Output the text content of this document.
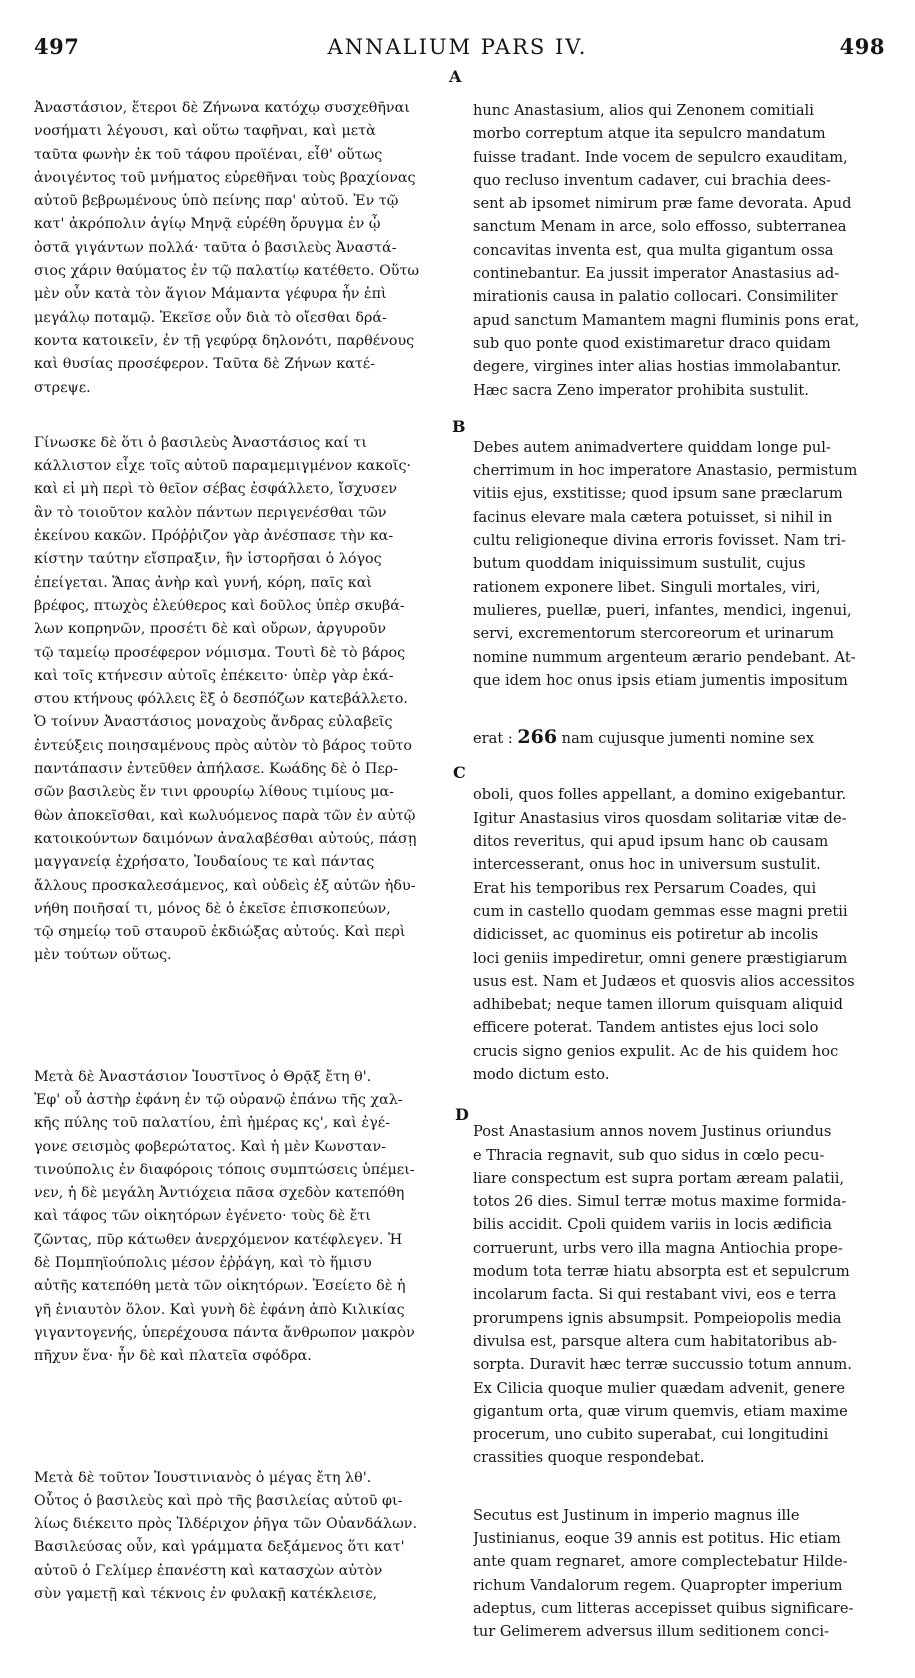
497	ANNALIUM PARS IV.	498
A
B
C
D

Ἀναστάσιον, ἕτεροι δὲ Ζήνωνα κατόχῳ συσχεθῆναι
νοσήματι λέγουσι, καὶ οὕτω ταφῆναι, καὶ μετὰ
ταῦτα φωνὴν ἐκ τοῦ τάφου προϊέναι, εἶθ' οὕτως
ἀνοιγέντος τοῦ μνήματος εὑρεθῆναι τοὺς βραχίονας
αὐτοῦ βεβρωμένους ὑπὸ πείνης παρ' αὐτοῦ. Ἐν τῷ
κατ' ἀκρόπολιν ἁγίῳ Μηνᾷ εὑρέθη ὄρυγμα ἐν ᾧ
ὀστᾶ γιγάντων πολλά· ταῦτα ὁ βασιλεὺς Ἀναστά-
σιος χάριν θαύματος ἐν τῷ παλατίῳ κατέθετο. Οὕτω
μὲν οὖν κατὰ τὸν ἅγιον Μάμαντα γέφυρα ἦν ἐπὶ
μεγάλῳ ποταμῷ. Ἐκεῖσε οὖν διὰ τὸ οἴεσθαι δρά-
κοντα κατοικεῖν, ἐν τῇ γεφύρᾳ δηλονότι, παρθένους
καὶ θυσίας προσέφερον. Ταῦτα δὲ Ζήνων κατέ-
στρεψε.

Γίνωσκε δὲ ὅτι ὁ βασιλεὺς Ἀναστάσιος καί τι
κάλλιστον εἶχε τοῖς αὐτοῦ παραμεμιγμένον κακοῖς·
καὶ εἰ μὴ περὶ τὸ θεῖον σέβας ἐσφάλλετο, ἴσχυσεν
ἂν τὸ τοιοῦτον καλὸν πάντων περιγενέσθαι τῶν
ἐκείνου κακῶν. Πρόῤῥιζον γὰρ ἀνέσπασε τὴν κα-
κίστην ταύτην εἴσπραξιν, ἣν ἱστορῆσαι ὁ λόγος
ἐπείγεται. Ἅπας ἀνὴρ καὶ γυνή, κόρη, παῖς καὶ
βρέφος, πτωχὸς ἐλεύθερος καὶ δοῦλος ὑπὲρ σκυβά-
λων κοπρηνῶν, προσέτι δὲ καὶ οὔρων, ἀργυροῦν
τῷ ταμείῳ προσέφερον νόμισμα. Τουτὶ δὲ τὸ βάρος
καὶ τοῖς κτήνεσιν αὐτοῖς ἐπέκειτο· ὑπὲρ γὰρ ἑκά-
στου κτήνους φόλλεις ἓξ ὁ δεσπόζων κατεβάλλετο.
Ὁ τοίνυν Ἀναστάσιος μοναχοὺς ἄνδρας εὐλαβεῖς
ἐντεύξεις ποιησαμένους πρὸς αὐτὸν τὸ βάρος τοῦτο
παντάπασιν ἐντεῦθεν ἀπήλασε. Κωάδης δὲ ὁ Περ-
σῶν βασιλεὺς ἔν τινι φρουρίῳ λίθους τιμίους μα-
θὼν ἀποκεῖσθαι, καὶ κωλυόμενος παρὰ τῶν ἐν αὐτῷ
κατοικούντων δαιμόνων ἀναλαβέσθαι αὐτούς, πάσῃ
μαγγανείᾳ ἐχρήσατο, Ἰουδαίους τε καὶ πάντας
ἄλλους προσκαλεσάμενος, καὶ οὐδεὶς ἐξ αὐτῶν ἠδυ-
νήθη ποιῆσαί τι, μόνος δὲ ὁ ἐκεῖσε ἐπισκοπεύων,
τῷ σημείῳ τοῦ σταυροῦ ἐκδιώξας αὐτούς. Καὶ περὶ
μὲν τούτων οὕτως.

Μετὰ δὲ Ἀναστάσιον Ἰουστῖνος ὁ Θρᾷξ ἔτη θ'.
Ἐφ' οὗ ἀστὴρ ἐφάνη ἐν τῷ οὐρανῷ ἐπάνω τῆς χαλ-
κῆς πύλης τοῦ παλατίου, ἐπὶ ἡμέρας κς', καὶ ἐγέ-
γονε σεισμὸς φοβερώτατος. Καὶ ἡ μὲν Κωνσταν-
τινούπολις ἐν διαφόροις τόποις συμπτώσεις ὑπέμει-
νεν, ἡ δὲ μεγάλη Ἀντιόχεια πᾶσα σχεδὸν κατεπόθη
καὶ τάφος τῶν οἰκητόρων ἐγένετο· τοὺς δὲ ἔτι
ζῶντας, πῦρ κάτωθεν ἀνερχόμενον κατέφλεγεν. Ἡ
δὲ Πομπηϊούπολις μέσον ἐῤῥάγη, καὶ τὸ ἥμισυ
αὐτῆς κατεπόθη μετὰ τῶν οἰκητόρων. Ἐσείετο δὲ ἡ
γῆ ἐνιαυτὸν ὅλον. Καὶ γυνὴ δὲ ἐφάνη ἀπὸ Κιλικίας
γιγαντογενής, ὑπερέχουσα πάντα ἄνθρωπον μακρὸν
πῆχυν ἕνα· ἦν δὲ καὶ πλατεῖα σφόδρα.

Μετὰ δὲ τοῦτον Ἰουστινιανὸς ὁ μέγας ἔτη λθ'.
Οὗτος ὁ βασιλεὺς καὶ πρὸ τῆς βασιλείας αὐτοῦ φι-
λίως διέκειτο πρὸς Ἰλδέριχον ῥῆγα τῶν Οὐανδάλων.
Βασιλεύσας οὖν, καὶ γράμματα δεξάμενος ὅτι κατ'
αὐτοῦ ὁ Γελίμερ ἐπανέστη καὶ κατασχὼν αὐτὸν
σὺν γαμετῇ καὶ τέκνοις ἐν φυλακῇ κατέκλεισε,

hunc Anastasium, alios qui Zenonem comitiali
morbo correptum atque ita sepulcro mandatum
fuisse tradant. Inde vocem de sepulcro exauditam,
quo recluso inventum cadaver, cui brachia dees-
sent ab ipsomet nimirum præ fame devorata. Apud
sanctum Menam in arce, solo effosso, subterranea
concavitas inventa est, qua multa gigantum ossa
continebantur. Ea jussit imperator Anastasius ad-
mirationis causa in palatio collocari. Consimiliter
apud sanctum Mamantem magni fluminis pons erat,
sub quo ponte quod existimaretur draco quidam
degere, virgines inter alias hostias immolabantur.
Hæc sacra Zeno imperator prohibita sustulit.

Debes autem animadvertere quiddam longe pul-
cherrimum in hoc imperatore Anastasio, permistum
vitiis ejus, exstitisse; quod ipsum sane præclarum
facinus elevare mala cætera potuisset, si nihil in
cultu religioneque divina erroris fovisset. Nam tri-
butum quoddam iniquissimum sustulit, cujus
rationem exponere libet. Singuli mortales, viri,
mulieres, puellæ, pueri, infantes, mendici, ingenui,
servi, excrementorum stercoreorum et urinarum
nomine nummum argenteum ærario pendebant. At-
que idem hoc onus ipsis etiam jumentis impositum

erat : 266 nam cujusque jumenti nomine sex

oboli, quos folles appellant, a domino exigebantur.
Igitur Anastasius viros quosdam solitariæ vitæ de-
ditos reveritus, qui apud ipsum hanc ob causam
intercesserant, onus hoc in universum sustulit.
Erat his temporibus rex Persarum Coades, qui
cum in castello quodam gemmas esse magni pretii
didicisset, ac quominus eis potiretur ab incolis
loci geniis impediretur, omni genere præstigiarum
usus est. Nam et Judæos et quosvis alios accessitos
adhibebat; neque tamen illorum quisquam aliquid
efficere poterat. Tandem antistes ejus loci solo
crucis signo genios expulit. Ac de his quidem hoc
modo dictum esto.

Post Anastasium annos novem Justinus oriundus
e Thracia regnavit, sub quo sidus in cœlo pecu-
liare conspectum est supra portam æream palatii,
totos 26 dies. Simul terræ motus maxime formida-
bilis accidit. Cpoli quidem variis in locis ædificia
corruerunt, urbs vero illa magna Antiochia prope-
modum tota terræ hiatu absorpta est et sepulcrum
incolarum facta. Si qui restabant vivi, eos e terra
prorumpens ignis absumpsit. Pompeiopolis media
divulsa est, parsque altera cum habitatoribus ab-
sorpta. Duravit hæc terræ succussio totum annum.
Ex Cilicia quoque mulier quædam advenit, genere
gigantum orta, quæ virum quemvis, etiam maxime
procerum, uno cubito superabat, cui longitudini
crassities quoque respondebat.

Secutus est Justinum in imperio magnus ille
Justinianus, eoque 39 annis est potitus. Hic etiam
ante quam regnaret, amore complectebatur Hilde-
richum Vandalorum regem. Quapropter imperium
adeptus, cum litteras accepisset quibus significare-
tur Gelimerem adversus illum seditionem conci-
